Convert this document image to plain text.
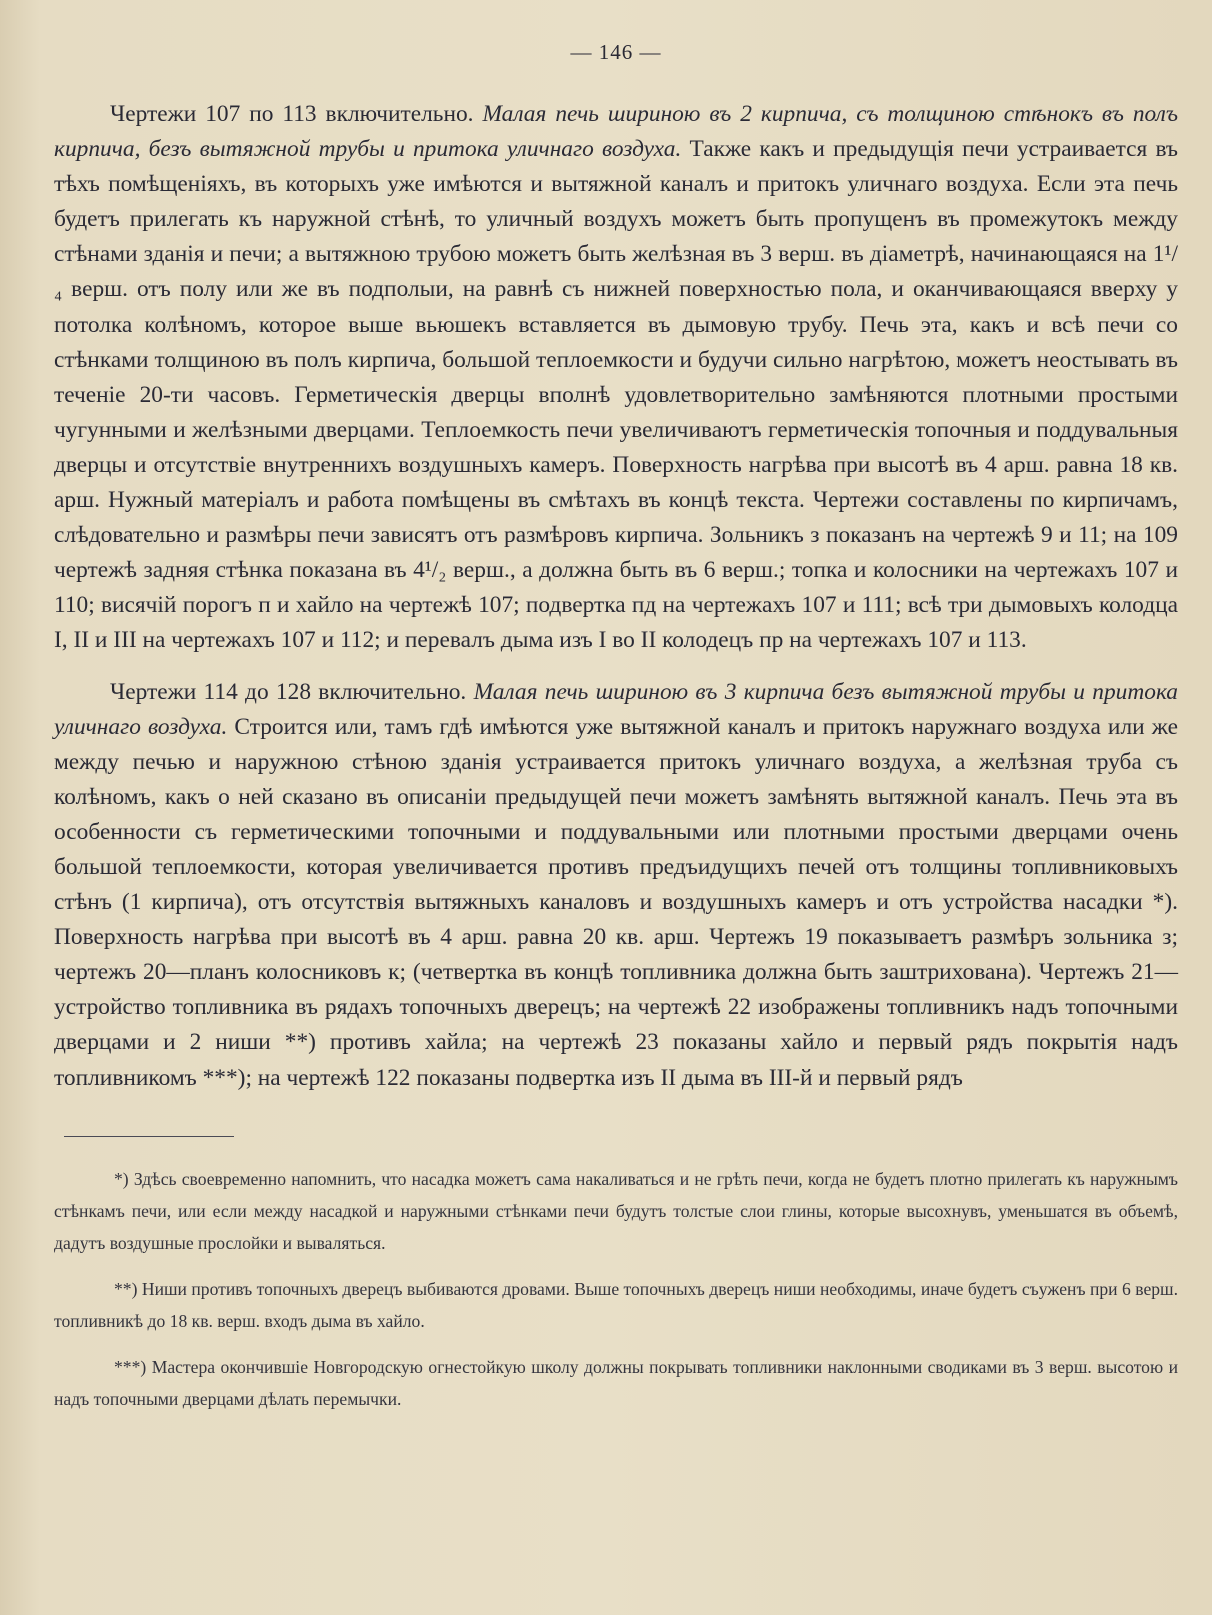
— 146 —

Чертежи 107 по 113 включительно. Малая печь шириною въ 2 кирпича, съ толщиною стѣнокъ въ полъ кирпича, безъ вытяжной трубы и притока уличнаго воздуха. Также какъ и предыдущія печи устраивается въ тѣхъ помѣщеніяхъ, въ которыхъ уже имѣются и вытяжной каналъ и притокъ уличнаго воздуха. Если эта печь будетъ прилегать къ наружной стѣнѣ, то уличный воздухъ можетъ быть пропущенъ въ промежутокъ между стѣнами зданія и печи; а вытяжною трубою можетъ быть желѣзная въ 3 верш. въ діаметрѣ, начинающаяся на 1¹/₄ верш. отъ полу или же въ подполыи, на равнѣ съ нижней поверхностью пола, и оканчивающаяся вверху у потолка колѣномъ, которое выше вьюшекъ вставляется въ дымовую трубу. Печь эта, какъ и всѣ печи со стѣнками толщиною въ полъ кирпича, большой теплоемкости и будучи сильно нагрѣтою, можетъ неостывать въ теченіе 20-ти часовъ. Герметическія дверцы вполнѣ удовлетворительно замѣняются плотными простыми чугунными и желѣзными дверцами. Теплоемкость печи увеличиваютъ герметическія топочныя и поддувальныя дверцы и отсутствіе внутреннихъ воздушныхъ камеръ. Поверхность нагрѣва при высотѣ въ 4 арш. равна 18 кв. арш. Нужный матеріалъ и работа помѣщены въ смѣтахъ въ концѣ текста. Чертежи составлены по кирпичамъ, слѣдовательно и размѣры печи зависятъ отъ размѣровъ кирпича. Зольникъ з показанъ на чертежѣ 9 и 11; на 109 чертежѣ задняя стѣнка показана въ 4¹/₂ верш., а должна быть въ 6 верш.; топка и колосники на чертежахъ 107 и 110; висячій порогъ п и хайло на чертежѣ 107; подвертка пд на чертежахъ 107 и 111; всѣ три дымовыхъ колодца I, II и III на чертежахъ 107 и 112; и перевалъ дыма изъ I во II колодецъ пр на чертежахъ 107 и 113.

Чертежи 114 до 128 включительно. Малая печь шириною въ 3 кирпича безъ вытяжной трубы и притока уличнаго воздуха. Строится или, тамъ гдѣ имѣются уже вытяжной каналъ и притокъ наружнаго воздуха или же между печью и наружною стѣною зданія устраивается притокъ уличнаго воздуха, а желѣзная труба съ колѣномъ, какъ о ней сказано въ описаніи предыдущей печи можетъ замѣнять вытяжной каналъ. Печь эта въ особенности съ герметическими топочными и поддувальными или плотными простыми дверцами очень большой теплоемкости, которая увеличивается противъ предъидущихъ печей отъ толщины топливниковыхъ стѣнъ (1 кирпича), отъ отсутствія вытяжныхъ каналовъ и воздушныхъ камеръ и отъ устройства насадки *). Поверхность нагрѣва при высотѣ въ 4 арш. равна 20 кв. арш. Чертежъ 19 показываетъ размѣръ зольника з; чертежъ 20—планъ колосниковъ к; (четвертка въ концѣ топливника должна быть заштрихована). Чертежъ 21—устройство топливника въ рядахъ топочныхъ дверецъ; на чертежѣ 22 изображены топливникъ надъ топочными дверцами и 2 ниши **) противъ хайла; на чертежѣ 23 показаны хайло и первый рядъ покрытія надъ топливникомъ ***); на чертежѣ 122 показаны подвертка изъ II дыма въ III-й и первый рядъ

*) Здѣсь своевременно напомнить, что насадка можетъ сама накаливаться и не грѣть печи, когда не будетъ плотно прилегать къ наружнымъ стѣнкамъ печи, или если между насадкой и наружными стѣнками печи будутъ толстые слои глины, которые высохнувъ, уменьшатся въ объемѣ, дадутъ воздушные прослойки и вываляться.

**) Ниши противъ топочныхъ дверецъ выбиваются дровами. Выше топочныхъ дверецъ ниши необходимы, иначе будетъ съуженъ при 6 верш. топливникѣ до 18 кв. верш. входъ дыма въ хайло.

***) Мастера окончившіе Новгородскую огнестойкую школу должны покрывать топливники наклонными сводиками въ 3 верш. высотою и надъ топочными дверцами дѣлать перемычки.
